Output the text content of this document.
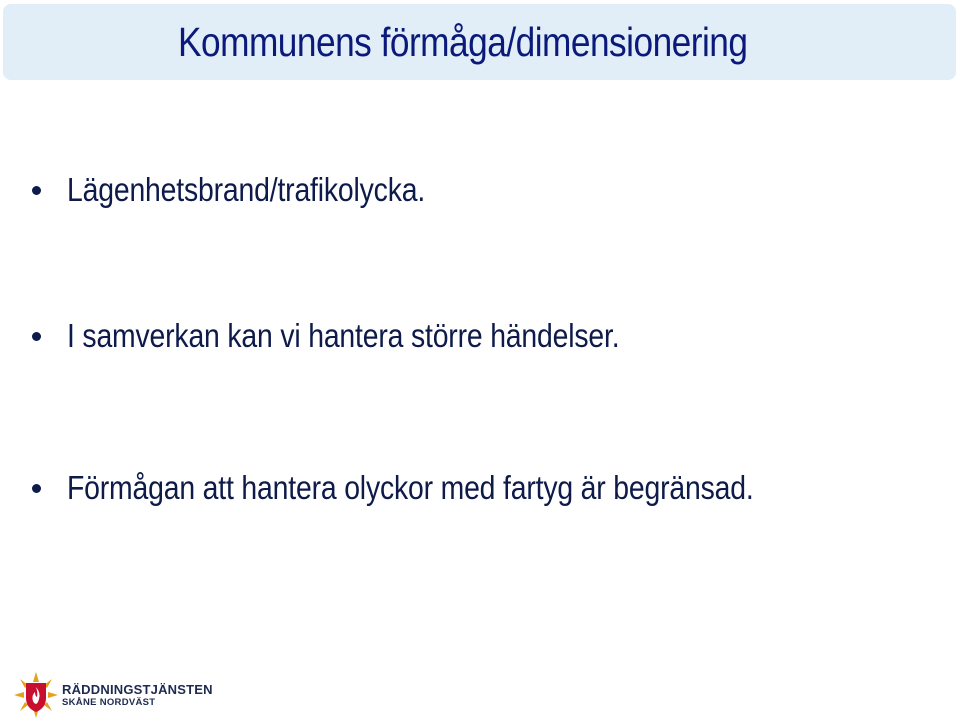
Kommunens förmåga/dimensionering
Lägenhetsbrand/trafikolycka.
I samverkan kan vi hantera större händelser.
Förmågan att hantera olyckor med fartyg är begränsad.
RÄDDNINGSTJÄNSTEN
SKÅNE NORDVÄST
